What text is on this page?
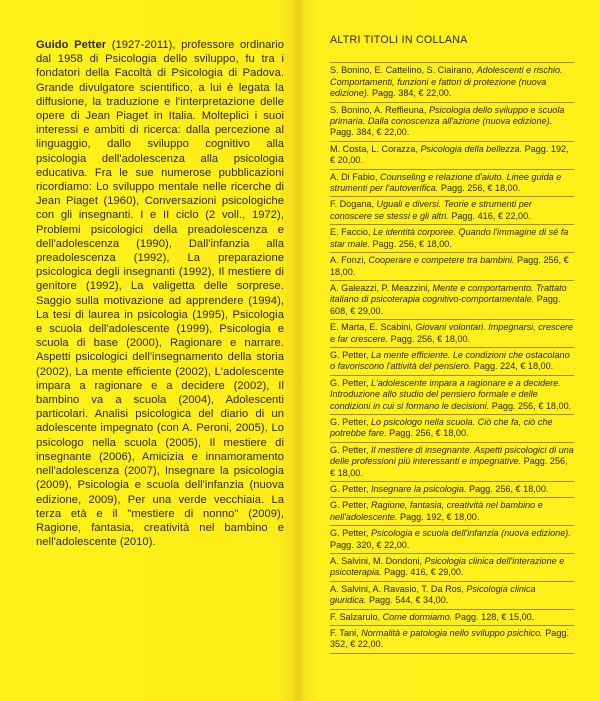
Guido Petter (1927-2011), professore ordinario dal 1958 di Psicologia dello sviluppo, fu tra i fondatori della Facoltà di Psicologia di Padova. Grande divulgatore scientifico, a lui è legata la diffusione, la traduzione e l'interpretazione delle opere di Jean Piaget in Italia. Molteplici i suoi interessi e ambiti di ricerca: dalla percezione al linguaggio, dallo sviluppo cognitivo alla psicologia dell'adolescenza alla psicologia educativa. Fra le sue numerose pubblicazioni ricordiamo: Lo sviluppo mentale nelle ricerche di Jean Piaget (1960), Conversazioni psicologiche con gli insegnanti. I e II ciclo (2 voll., 1972), Problemi psicologici della preadolescenza e dell'adolescenza (1990), Dall'infanzia alla preadolescenza (1992), La preparazione psicologica degli insegnanti (1992), Il mestiere di genitore (1992), La valigetta delle sorprese. Saggio sulla motivazione ad apprendere (1994), La tesi di laurea in psicologia (1995), Psicologia e scuola dell'adolescente (1999), Psicologia e scuola di base (2000), Ragionare e narrare. Aspetti psicologici dell'insegnamento della storia (2002), La mente efficiente (2002), L'adolescente impara a ragionare e a decidere (2002), Il bambino va a scuola (2004), Adolescenti particolari. Analisi psicologica del diario di un adolescente impegnato (con A. Peroni, 2005), Lo psicologo nella scuola (2005), Il mestiere di insegnante (2006), Amicizia e innamoramento nell'adolescenza (2007), Insegnare la psicologia (2009), Psicologia e scuola dell'infanzia (nuova edizione, 2009), Per una verde vecchiaia. La terza età e il "mestiere di nonno" (2009), Ragione, fantasia, creatività nel bambino e nell'adolescente (2010).
ALTRI TITOLI IN COLLANA
S. Bonino, E. Cattelino, S. Ciairano, Adolescenti e rischio. Comportamenti, funzioni e fattori di protezione (nuova edizione). Pagg. 384, € 22,00.
S. Bonino, A. Reffieuna, Psicologia dello sviluppo e scuola primaria. Dalla conoscenza all'azione (nuova edizione). Pagg. 384, € 22,00.
M. Costa, L. Corazza, Psicologia della bellezza. Pagg. 192, € 20,00.
A. Di Fabio, Counseling e relazione d'aiuto. Linee guida e strumenti per l'autoverifica. Pagg. 256, € 18,00.
F. Dogana, Uguali e diversi. Teorie e strumenti per conoscere se stessi e gli altri. Pagg. 416, € 22,00.
E. Faccio, Le identità corporee. Quando l'immagine di sé fa star male. Pagg. 256, € 18,00.
A. Fonzi, Cooperare e competere tra bambini. Pagg. 256, € 18,00.
A. Galeazzi, P. Meazzini, Mente e comportamento. Trattato italiano di psicoterapia cognitivo-comportamentale. Pagg. 608, € 29,00.
E. Marta, E. Scabini, Giovani volontari. Impegnarsi, crescere e far crescere. Pagg. 256, € 18,00.
G. Petter, La mente efficiente. Le condizioni che ostacolano o favoriscono l'attività del pensiero. Pagg. 224, € 18,00.
G. Petter, L'adolescente impara a ragionare e a decidere. Introduzione allo studio del pensiero formale e delle condizioni in cui si formano le decisioni. Pagg. 256, € 18,00.
G. Petter, Lo psicologo nella scuola. Ciò che fa, ciò che potrebbe fare. Pagg. 256, € 18,00.
G. Petter, Il mestiere di insegnante. Aspetti psicologici di una delle professioni più interessanti e impegnative. Pagg. 256, € 18,00.
G. Petter, Insegnare la psicologia. Pagg. 256, € 18,00.
G. Petter, Ragione, fantasia, creatività nel bambino e nell'adolescente. Pagg. 192, € 18,00.
G. Petter, Psicologia e scuola dell'infanzia (nuova edizione). Pagg. 320, € 22,00.
A. Salvini, M. Dondoni, Psicologia clinica dell'interazione e psicoterapia. Pagg. 416, € 29,00.
A. Salvini, A. Ravasio, T. Da Ros, Psicologia clinica giuridica. Pagg. 544, € 34,00.
F. Salzarulo, Come dormiamo. Pagg. 128, € 15,00.
F. Tani, Normalità e patologia nello sviluppo psichico. Pagg. 352, € 22,00.
